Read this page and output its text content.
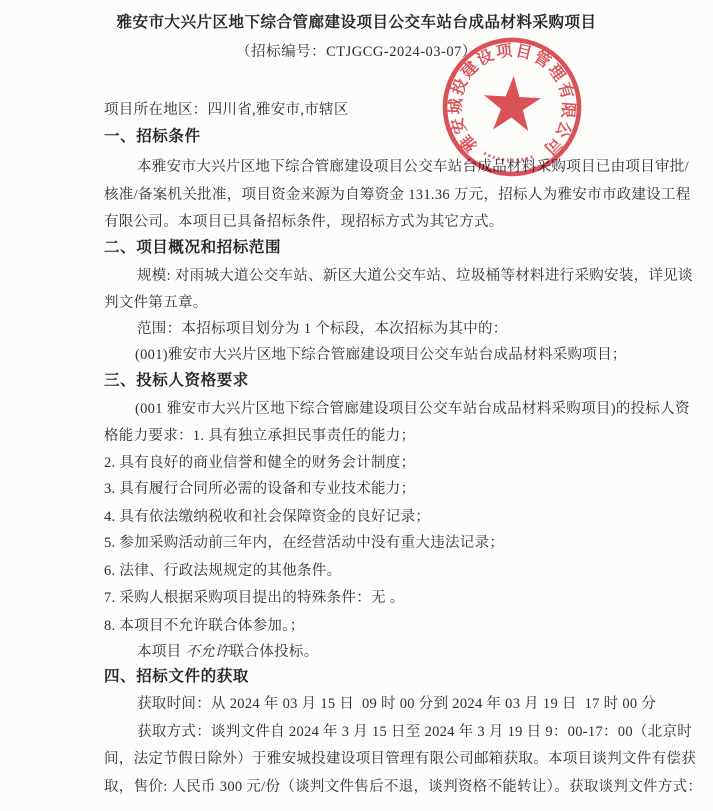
雅安市大兴片区地下综合管廊建设项目公交车站台成品材料采购项目
（招标编号：CTJGCG-2024-03-07）
项目所在地区：四川省,雅安市,市辖区
一、招标条件
本雅安市大兴片区地下综合管廊建设项目公交车站台成品材料采购项目已由项目审批/
核准/备案机关批准，项目资金来源为自筹资金 131.36 万元，招标人为雅安市市政建设工程
有限公司。本项目已具备招标条件，现招标方式为其它方式。
二、项目概况和招标范围
规模: 对雨城大道公交车站、新区大道公交车站、垃圾桶等材料进行采购安装，详见谈
判文件第五章。
范围：本招标项目划分为 1 个标段，本次招标为其中的：
(001)雅安市大兴片区地下综合管廊建设项目公交车站台成品材料采购项目；
三、投标人资格要求
(001 雅安市大兴片区地下综合管廊建设项目公交车站台成品材料采购项目)的投标人资
格能力要求：1. 具有独立承担民事责任的能力；
2. 具有良好的商业信誉和健全的财务会计制度；
3. 具有履行合同所必需的设备和专业技术能力；
4. 具有依法缴纳税收和社会保障资金的良好记录；
5. 参加采购活动前三年内，在经营活动中没有重大违法记录；
6. 法律、行政法规规定的其他条件。
7. 采购人根据采购项目提出的特殊条件：无 。
8. 本项目不允许联合体参加。；
本项目 不允许联合体投标。
四、招标文件的获取
获取时间：从 2024 年 03 月 15 日  09 时 00 分到 2024 年 03 月 19 日  17 时 00 分
获取方式：谈判文件自 2024 年 3 月 15 日至 2024 年 3 月 19 日 9：00-17：00（北京时
间，法定节假日除外）于雅安城投建设项目管理有限公司邮箱获取。本项目谈判文件有偿获
取，售价: 人民币 300 元/份（谈判文件售后不退，谈判资格不能转让）。获取谈判文件方式：
雅安城投建设项目管理有限公司
